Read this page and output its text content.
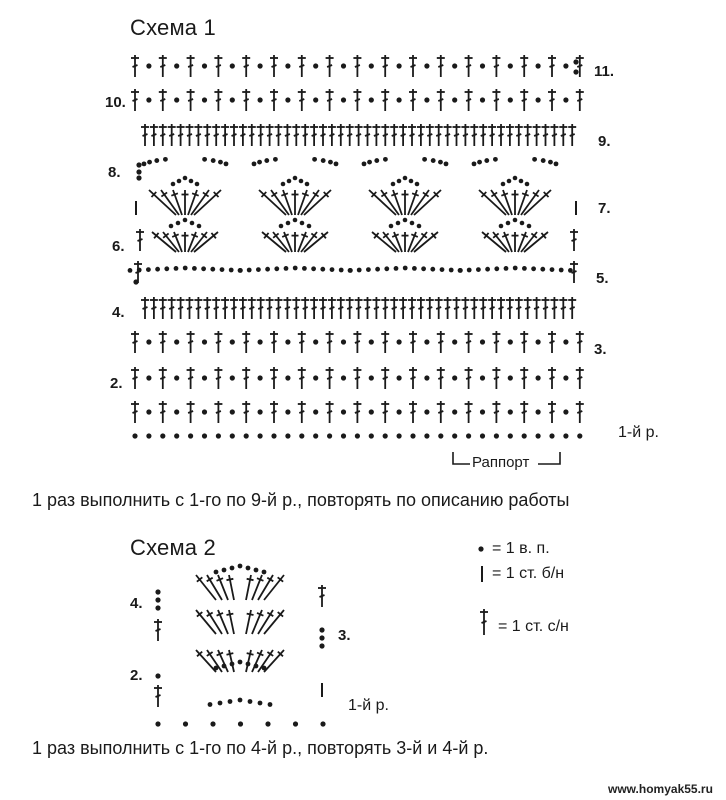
Схема 1
11.
10.
9.
8.
7.
6.
5.
4.
3.
2.
1-й р.
Раппорт
1 раз выполнить с 1-го по 9-й р., повторять по описанию работы
Схема 2
4.
3.
2.
1-й р.
1 раз выполнить с 1-го по 4-й р., повторять 3-й и 4-й р.
= 1 в. п.
= 1 ст. б/н
= 1 ст. с/н
www.homyak55.ru
